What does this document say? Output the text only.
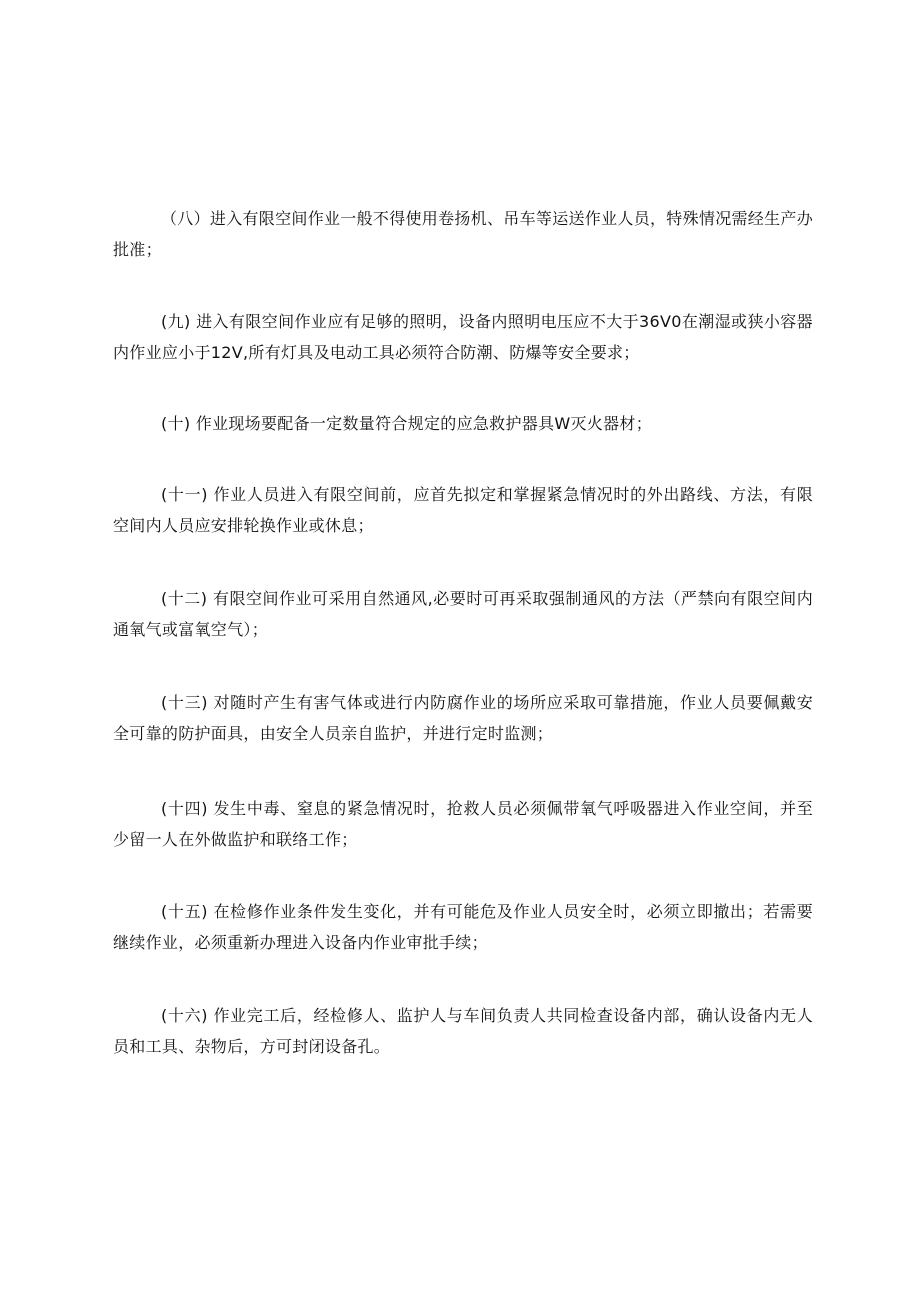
（八）进入有限空间作业一般不得使用卷扬机、吊车等运送作业人员，特殊情况需经生产办批准；

(九) 进入有限空间作业应有足够的照明，设备内照明电压应不大于36V0在潮湿或狭小容器内作业应小于12V,所有灯具及电动工具必须符合防潮、防爆等安全要求；

(十) 作业现场要配备一定数量符合规定的应急救护器具W灭火器材；

(十一) 作业人员进入有限空间前，应首先拟定和掌握紧急情况时的外出路线、方法，有限空间内人员应安排轮换作业或休息；

(十二) 有限空间作业可采用自然通风,必要时可再采取强制通风的方法（严禁向有限空间内通氧气或富氧空气）；

(十三) 对随时产生有害气体或进行内防腐作业的场所应采取可靠措施，作业人员要佩戴安全可靠的防护面具，由安全人员亲自监护，并进行定时监测；

(十四) 发生中毒、窒息的紧急情况时，抢救人员必须佩带氧气呼吸器进入作业空间，并至少留一人在外做监护和联络工作；

(十五) 在检修作业条件发生变化，并有可能危及作业人员安全时，必须立即撤出；若需要继续作业，必须重新办理进入设备内作业审批手续；

(十六) 作业完工后，经检修人、监护人与车间负责人共同检查设备内部，确认设备内无人员和工具、杂物后，方可封闭设备孔。
